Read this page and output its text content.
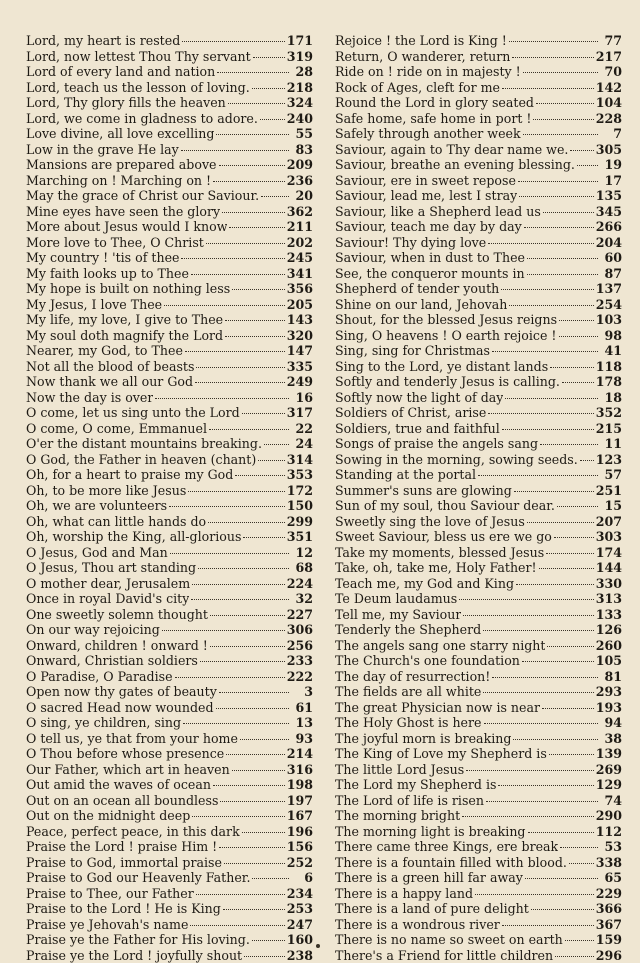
Lord, my heart is rested	171
Lord, now lettest Thou Thy servant	319
Lord of every land and nation	28
Lord, teach us the lesson of loving.	218
Lord, Thy glory fills the heaven	324
Lord, we come in gladness to adore. 240
Love divine, all love excelling	55
Low in the grave He lay	83
Mansions are prepared above	209
Marching on ! Marching on !	236
May the grace of Christ our Saviour.	20
Mine eyes have seen the glory	362
More about Jesus would I know	211
More love to Thee, O Christ	202
My country ! 'tis of thee	245
My faith looks up to Thee	341
My hope is built on nothing less	356
My Jesus, I love Thee	205
My life, my love, I give to Thee	143
My soul doth magnify the Lord	320
Nearer, my God, to Thee	147
Not all the blood of beasts	335
Now thank we all our God	249
Now the day is over	16
O come, let us sing unto the Lord	317
O come, O come, Emmanuel	22
O'er the distant mountains breaking.	24
O God, the Father in heaven (chant) 314
Oh, for a heart to praise my God	353
Oh, to be more like Jesus	172
Oh, we are volunteers	150
Oh, what can little hands do	299
Oh, worship the King, all-glorious	351
O Jesus, God and Man	12
O Jesus, Thou art standing	68
O mother dear, Jerusalem	224
Once in royal David's city	32
One sweetly solemn thought	227
On our way rejoicing	306
Onward, children ! onward !	256
Onward, Christian soldiers	233
O Paradise, O Paradise	222
Open now thy gates of beauty	3
O sacred Head now wounded	61
O sing, ye children, sing	13
O tell us, ye that from your home	93
O Thou before whose presence	214
Our Father, which art in heaven	316
Out amid the waves of ocean	198
Out on an ocean all boundless	197
Out on the midnight deep	167
Peace, perfect peace, in this dark	196
Praise the Lord ! praise Him !	156
Praise to God, immortal praise	252
Praise to God our Heavenly Father.	6
Praise to Thee, our Father	234
Praise to the Lord ! He is King	253
Praise ye Jehovah's name	247
Praise ye the Father for His loving.	160
Praise ye the Lord ! joyfully shout	238
Rejoice ! the Lord is King !	77
Return, O wanderer, return	217
Ride on ! ride on in majesty !	70
Rock of Ages, cleft for me	142
Round the Lord in glory seated	104
Safe home, safe home in port !	228
Safely through another week	7
Saviour, again to Thy dear name we. 305
Saviour, breathe an evening blessing.	19
Saviour, ere in sweet repose	17
Saviour, lead me, lest I stray	135
Saviour, like a Shepherd lead us	345
Saviour, teach me day by day	266
Saviour! Thy dying love	204
Saviour, when in dust to Thee	60
See, the conqueror mounts in	87
Shepherd of tender youth	137
Shine on our land, Jehovah	254
Shout, for the blessed Jesus reigns	103
Sing, O heavens ! O earth rejoice !	98
Sing, sing for Christmas	41
Sing to the Lord, ye distant lands	118
Softly and tenderly Jesus is calling.	178
Softly now the light of day	18
Soldiers of Christ, arise	352
Soldiers, true and faithful	215
Songs of praise the angels sang	11
Sowing in the morning, sowing seeds. 123
Standing at the portal	57
Summer's suns are glowing	251
Sun of my soul, thou Saviour dear.	15
Sweetly sing the love of Jesus	207
Sweet Saviour, bless us ere we go	303
Take my moments, blessed Jesus	174
Take, oh, take me, Holy Father!	144
Teach me, my God and King	330
Te Deum laudamus	313
Tell me, my Saviour	133
Tenderly the Shepherd	126
The angels sang one starry night	260
The Church's one foundation	105
The day of resurrection!	81
The fields are all white	293
The great Physician now is near	193
The Holy Ghost is here	94
The joyful morn is breaking	38
The King of Love my Shepherd is	139
The little Lord Jesus	269
The Lord my Shepherd is	129
The Lord of life is risen	74
The morning bright	290
The morning light is breaking	112
There came three Kings, ere break	53
There is a fountain filled with blood. 338
There is a green hill far away	65
There is a happy land	229
There is a land of pure delight	366
There is a wondrous river	367
There is no name so sweet on earth	159
There's a Friend for little children	296
